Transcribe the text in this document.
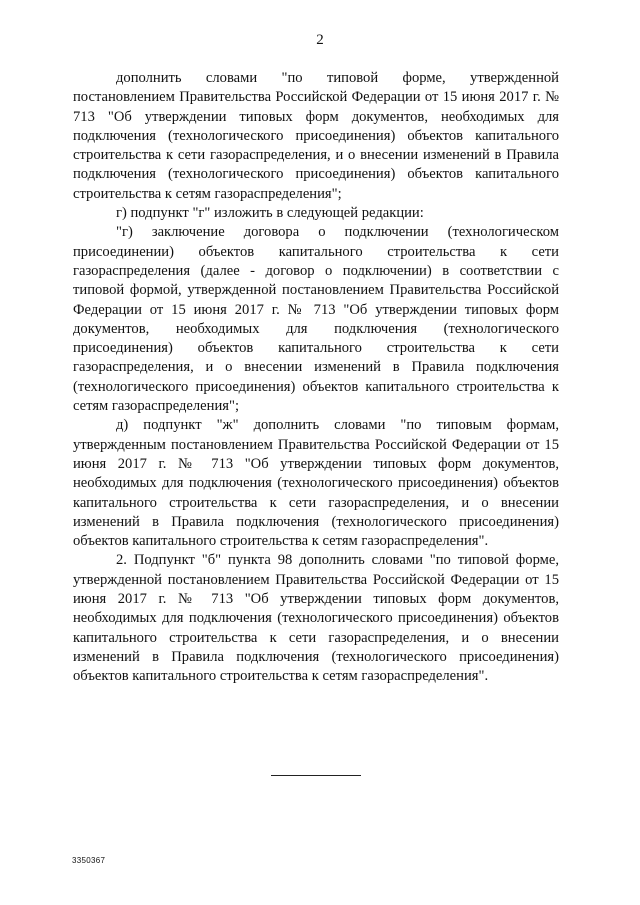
2

дополнить словами "по типовой форме, утвержденной постановлением Правительства Российской Федерации от 15 июня 2017 г. № 713 "Об утверждении типовых форм документов, необходимых для подключения (технологического присоединения) объектов капитального строительства к сети газораспределения, и о внесении изменений в Правила подключения (технологического присоединения) объектов капитального строительства к сетям газораспределения";

г) подпункт "г" изложить в следующей редакции:

"г) заключение договора о подключении (технологическом присоединении) объектов капитального строительства к сети газораспределения (далее - договор о подключении) в соответствии с типовой формой, утвержденной постановлением Правительства Российской Федерации от 15 июня 2017 г. № 713 "Об утверждении типовых форм документов, необходимых для подключения (технологического присоединения) объектов капитального строительства к сети газораспределения, и о внесении изменений в Правила подключения (технологического присоединения) объектов капитального строительства к сетям газораспределения";

д) подпункт "ж" дополнить словами "по типовым формам, утвержденным постановлением Правительства Российской Федерации от 15 июня 2017 г. № 713 "Об утверждении типовых форм документов, необходимых для подключения (технологического присоединения) объектов капитального строительства к сети газораспределения, и о внесении изменений в Правила подключения (технологического присоединения) объектов капитального строительства к сетям газораспределения".

2. Подпункт "б" пункта 98 дополнить словами "по типовой форме, утвержденной постановлением Правительства Российской Федерации от 15 июня 2017 г. № 713 "Об утверждении типовых форм документов, необходимых для подключения (технологического присоединения) объектов капитального строительства к сети газораспределения, и о внесении изменений в Правила подключения (технологического присоединения) объектов капитального строительства к сетям газораспределения".

3350367
